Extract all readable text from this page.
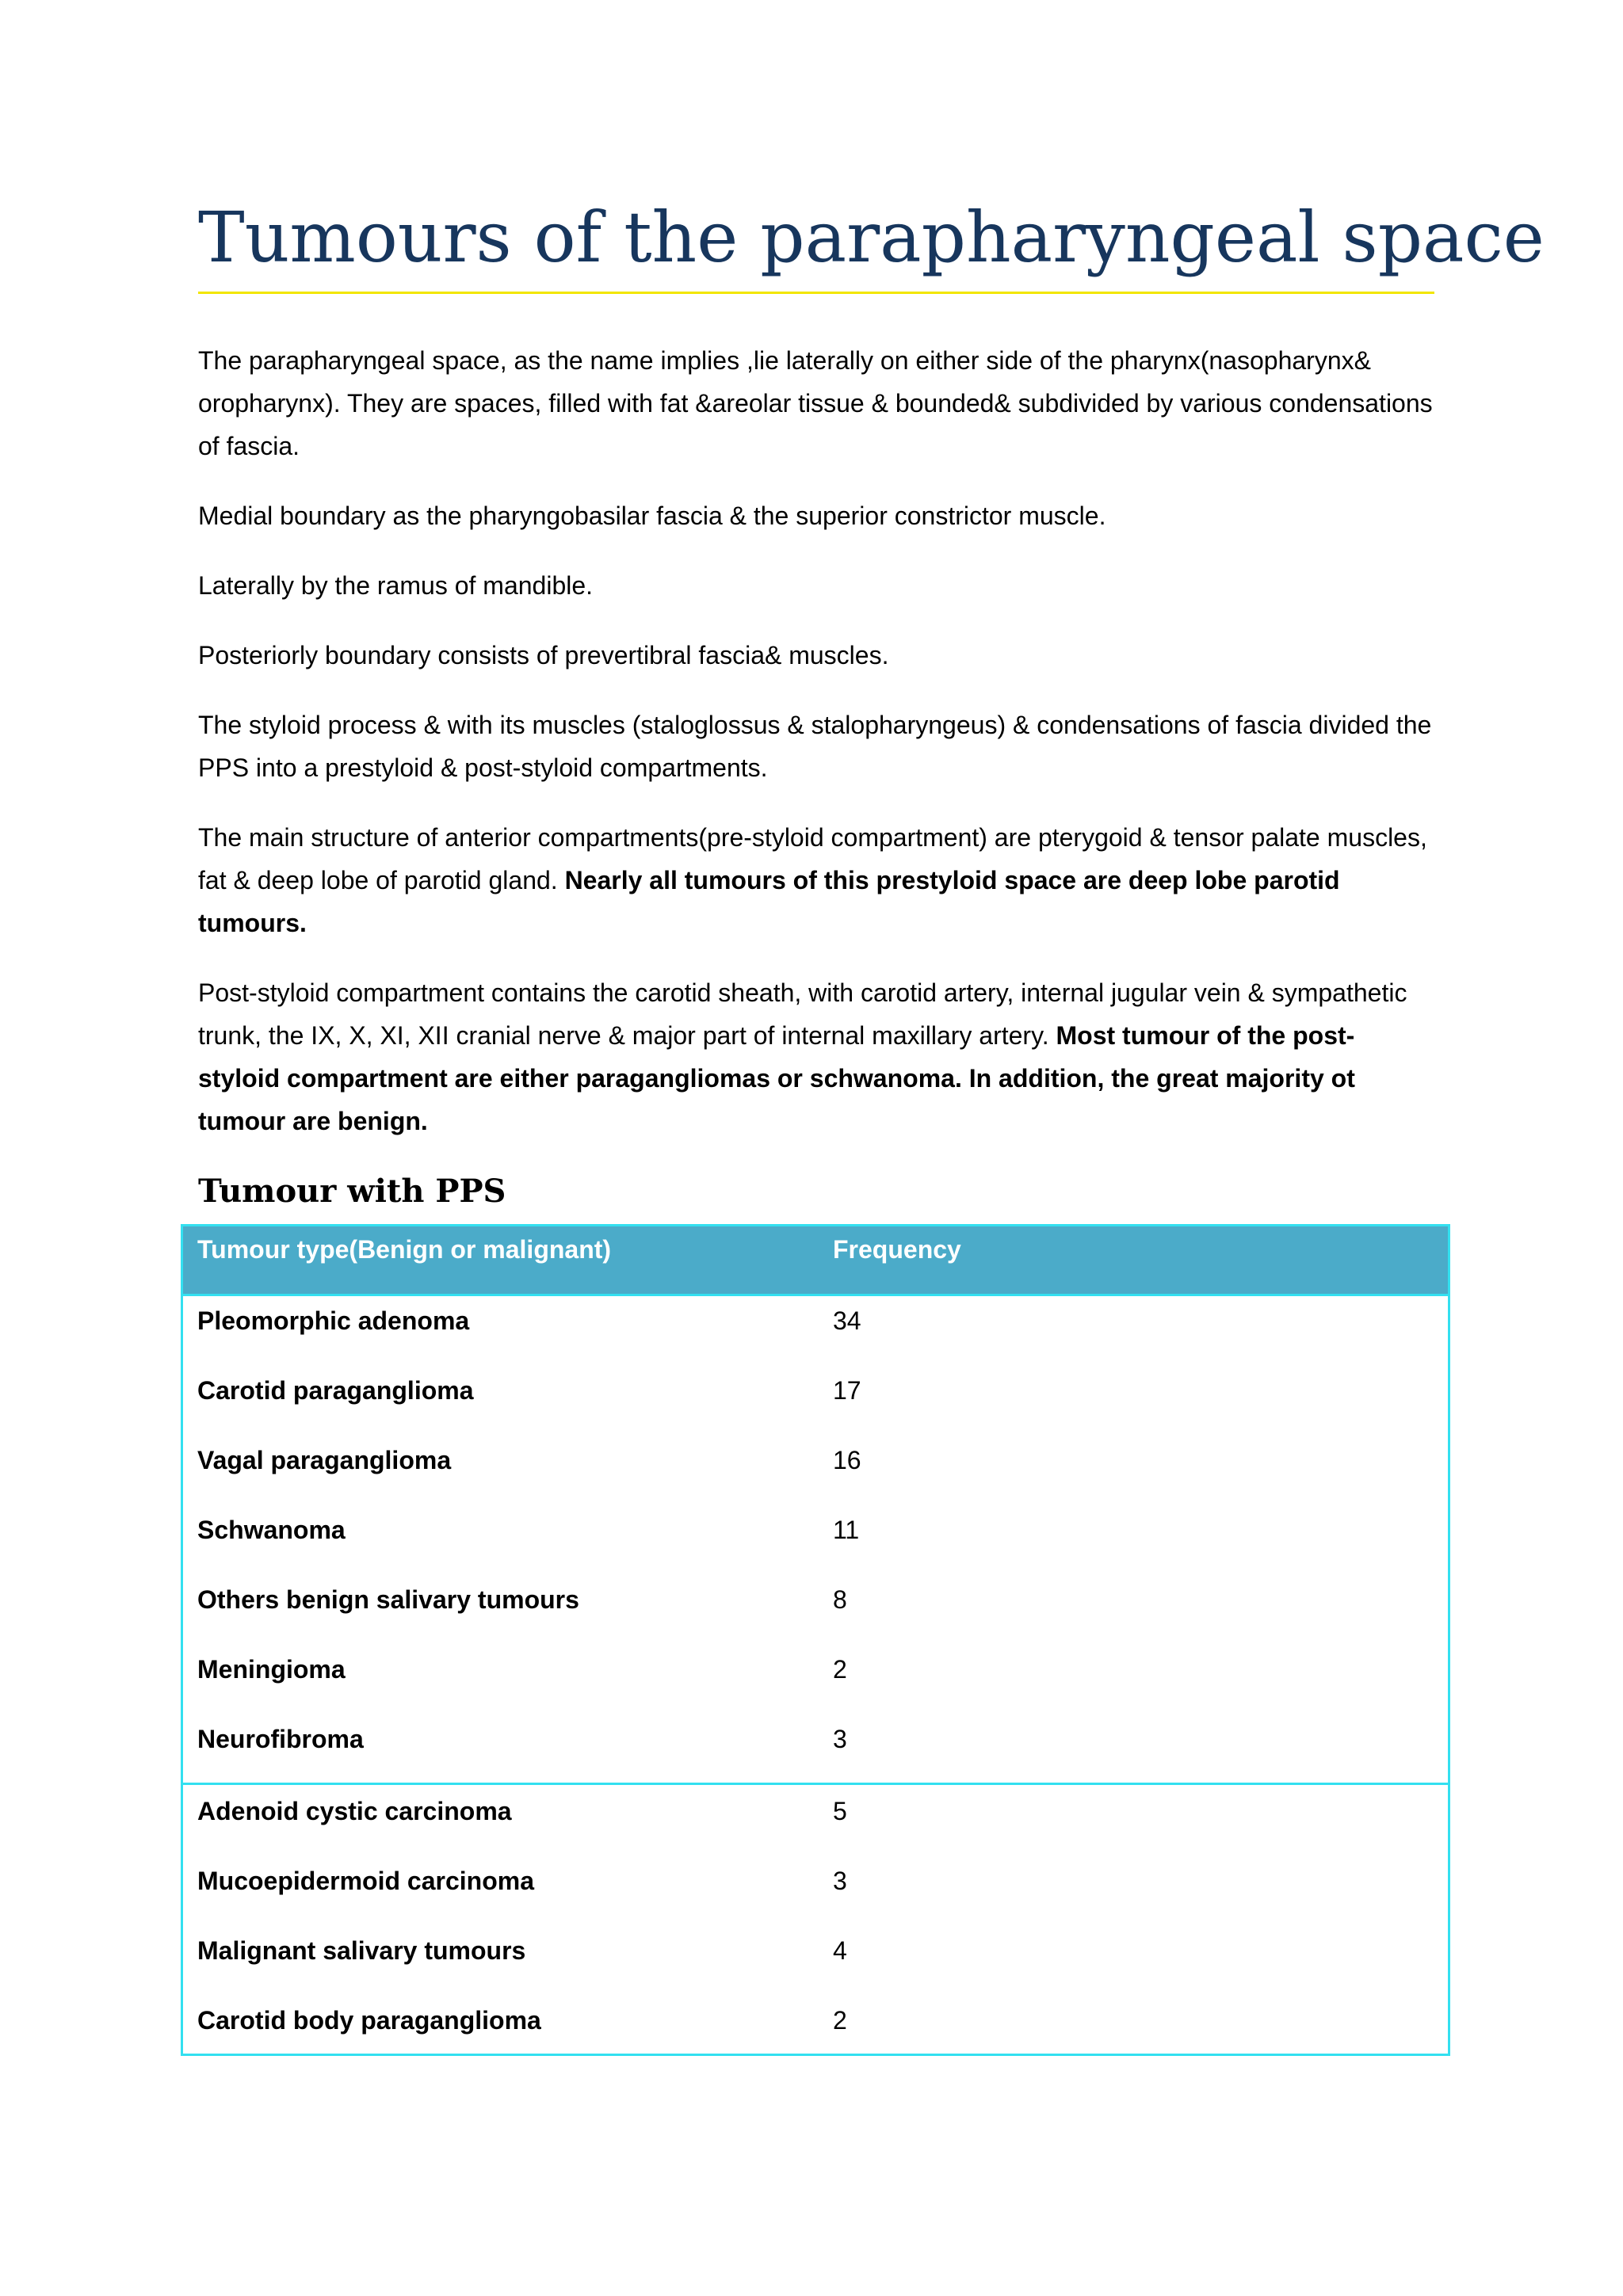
Tumours of the parapharyngeal space

The parapharyngeal space, as the name implies ,lie laterally on either side of the pharynx(nasopharynx& oropharynx). They are spaces, filled with fat &areolar tissue & bounded& subdivided by various condensations of fascia.

Medial boundary as the pharyngobasilar fascia & the superior constrictor muscle.

Laterally by the ramus of mandible.

Posteriorly boundary consists of prevertibral fascia& muscles.

The styloid process & with its muscles (staloglossus & stalopharyngeus) & condensations of fascia divided the PPS into a prestyloid & post-styloid compartments.

The main structure of anterior compartments(pre-styloid compartment) are pterygoid & tensor palate muscles, fat & deep lobe of parotid gland. Nearly all tumours of this prestyloid space are deep lobe parotid tumours.

Post-styloid compartment contains the carotid sheath, with carotid artery, internal jugular vein & sympathetic trunk, the IX, X, XI, XII cranial nerve & major part of internal maxillary artery. Most tumour of the post-styloid compartment are either paragangliomas or schwanoma. In addition, the great majority ot tumour are benign.

Tumour with PPS
Tumour type(Benign or malignant)	Frequency
Pleomorphic adenoma	34
Carotid paraganglioma	17
Vagal paraganglioma	16
Schwanoma	11
Others benign salivary tumours	8
Meningioma	2
Neurofibroma	3
Adenoid cystic carcinoma	5
Mucoepidermoid carcinoma	3
Malignant salivary tumours	4
Carotid body paraganglioma	2
